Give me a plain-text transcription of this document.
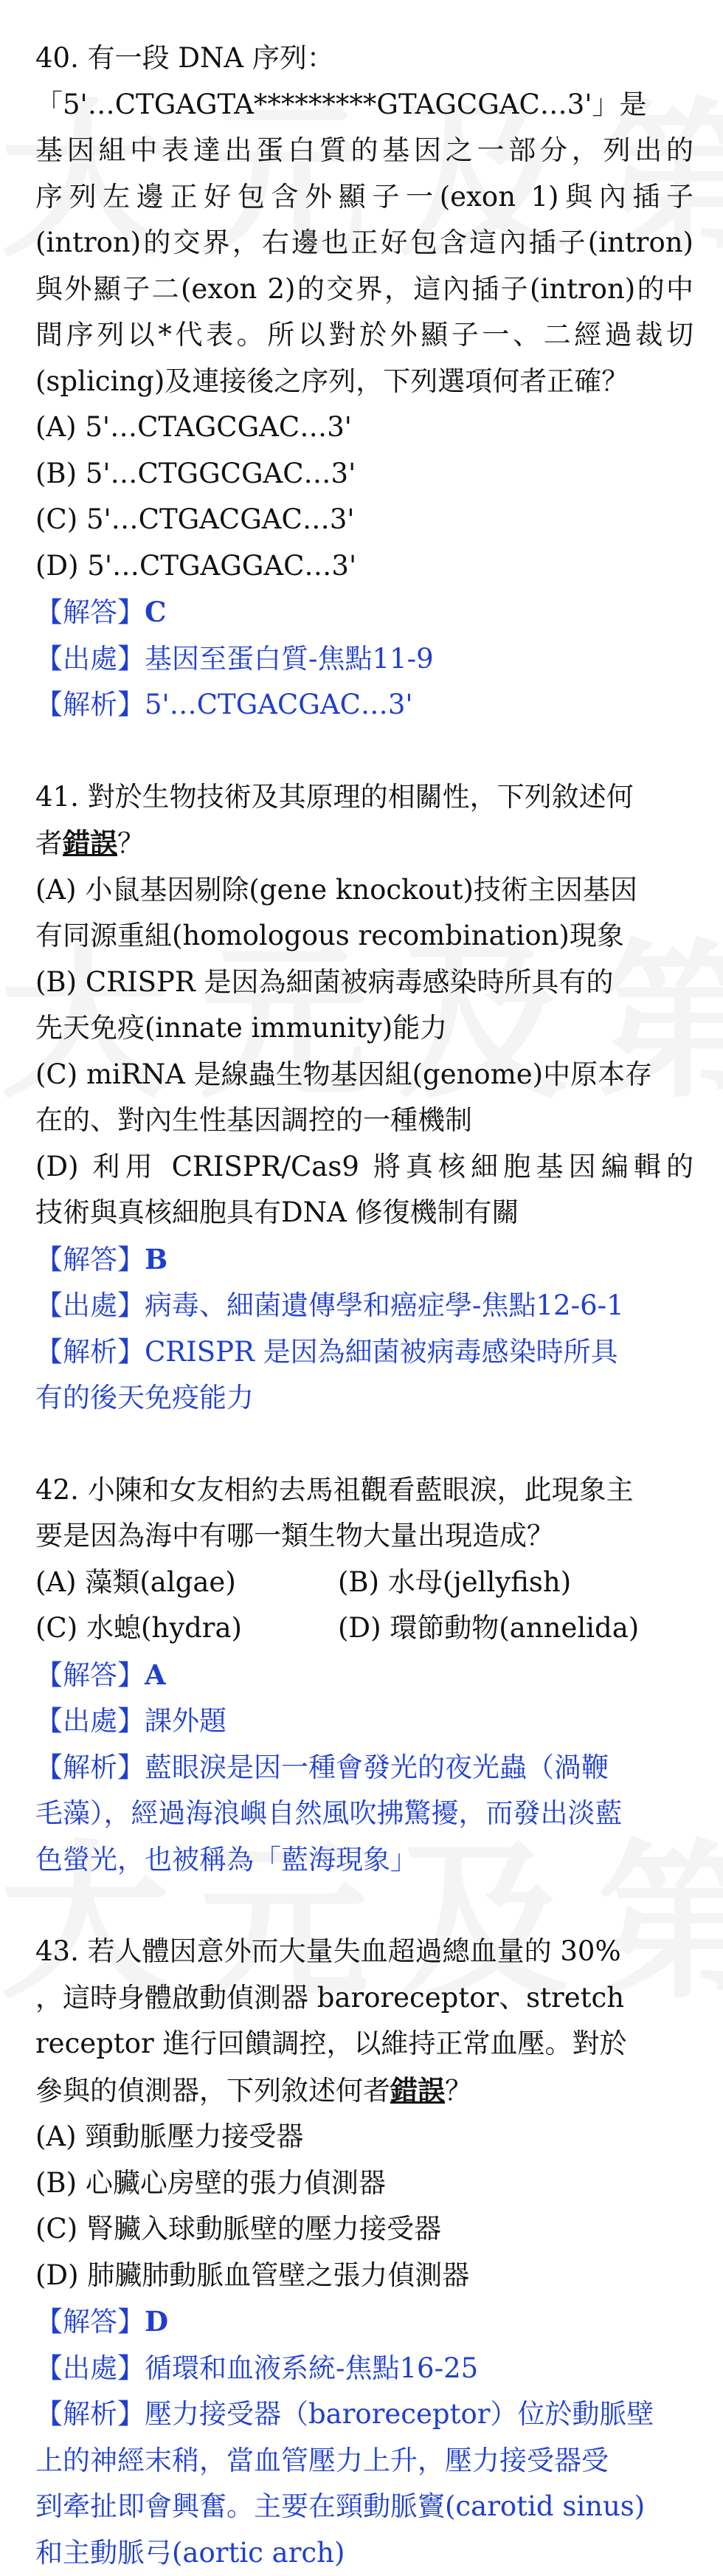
40. 有一段 DNA 序列：
「5'…CTGAGTA*********GTAGCGAC…3'」是
基因組中表達出蛋白質的基因之一部分，列出的
序列左邊正好包含外顯子一(exon 1)與內插子
(intron)的交界，右邊也正好包含這內插子(intron)
與外顯子二(exon 2)的交界，這內插子(intron)的中
間序列以*代表。所以對於外顯子一、二經過裁切
(splicing)及連接後之序列，下列選項何者正確？
(A) 5'…CTAGCGAC…3'
(B) 5'…CTGGCGAC…3'
(C) 5'…CTGACGAC…3'
(D) 5'…CTGAGGAC…3'
【解答】C
【出處】基因至蛋白質-焦點11-9
【解析】5'…CTGACGAC…3'
41. 對於生物技術及其原理的相關性，下列敘述何
者錯誤？
(A) 小鼠基因剔除(gene knockout)技術主因基因
有同源重組(homologous recombination)現象
(B) CRISPR 是因為細菌被病毒感染時所具有的
先天免疫(innate immunity)能力
(C) miRNA 是線蟲生物基因組(genome)中原本存
在的、對內生性基因調控的一種機制
(D) 利用 CRISPR/Cas9 將真核細胞基因編輯的
技術與真核細胞具有DNA 修復機制有關
【解答】B
【出處】病毒、細菌遺傳學和癌症學-焦點12-6-1
【解析】CRISPR 是因為細菌被病毒感染時所具
有的後天免疫能力
42. 小陳和女友相約去馬祖觀看藍眼淚，此現象主
要是因為海中有哪一類生物大量出現造成？
(A) 藻類(algae)	(B) 水母(jellyfish)
(C) 水螅(hydra)	(D) 環節動物(annelida)
【解答】A
【出處】課外題
【解析】藍眼淚是因一種會發光的夜光蟲（渦鞭
毛藻），經過海浪嶼自然風吹拂驚擾，而發出淡藍
色螢光，也被稱為「藍海現象」
43. 若人體因意外而大量失血超過總血量的 30%
，這時身體啟動偵測器 baroreceptor、stretch
receptor 進行回饋調控，以維持正常血壓。對於
參與的偵測器，下列敘述何者錯誤？
(A) 頸動脈壓力接受器
(B) 心臟心房壁的張力偵測器
(C) 腎臟入球動脈壁的壓力接受器
(D) 肺臟肺動脈血管壁之張力偵測器
【解答】D
【出處】循環和血液系統-焦點16-25
【解析】壓力接受器（baroreceptor）位於動脈壁
上的神經末稍，當血管壓力上升，壓力接受器受
到牽扯即會興奮。主要在頸動脈竇(carotid sinus)
和主動脈弓(aortic arch)
